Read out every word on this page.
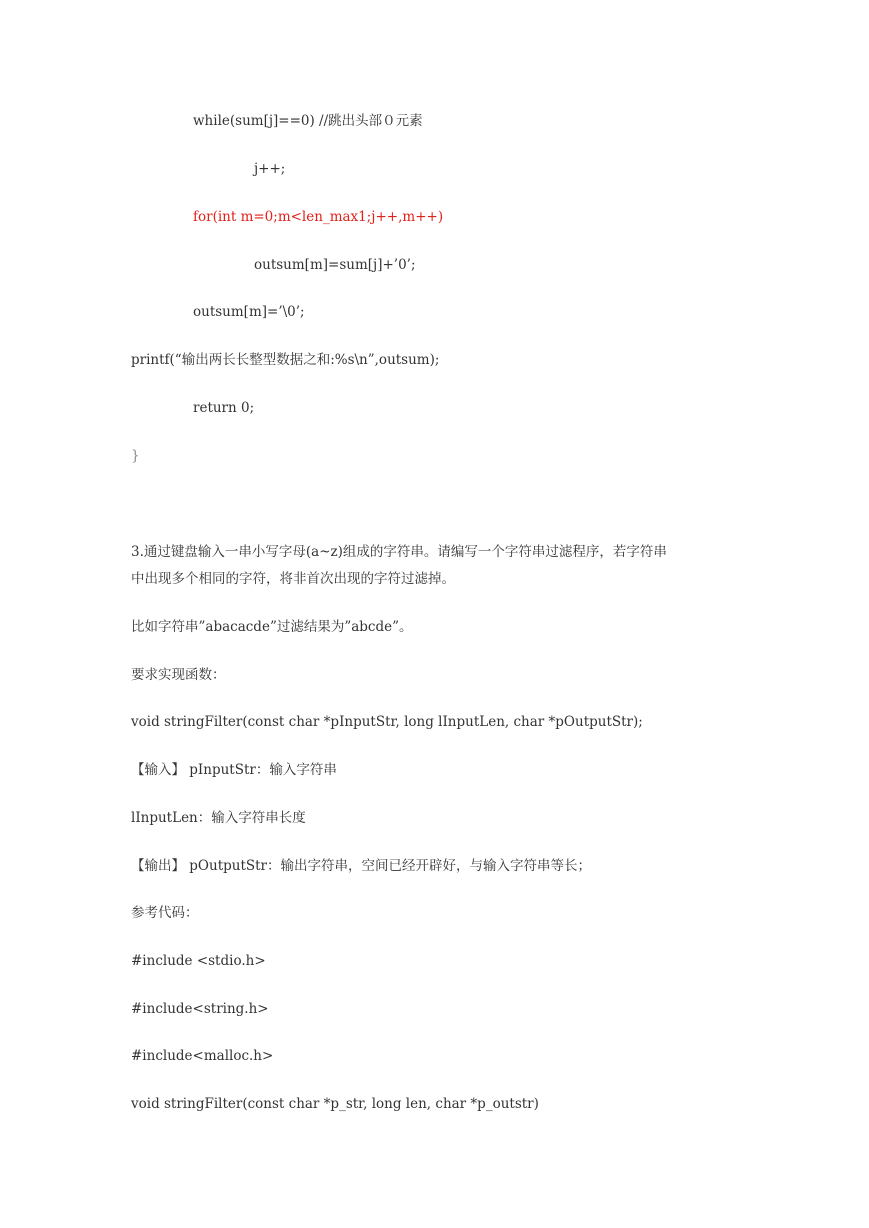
while(sum[j]==0) //跳出头部０元素

j++;

for(int m=0;m<len_max1;j++,m++)

outsum[m]=sum[j]+’0’;

outsum[m]=’\0’;

printf(“输出两长长整型数据之和:%s\n”,outsum);

return 0;

}

3.通过键盘输入一串小写字母(a~z)组成的字符串。请编写一个字符串过滤程序，若字符串

中出现多个相同的字符，将非首次出现的字符过滤掉。

比如字符串”abacacde”过滤结果为”abcde”。

要求实现函数：

void stringFilter(const char *pInputStr, long lInputLen, char *pOutputStr);

【输入】 pInputStr：输入字符串

lInputLen：输入字符串长度

【输出】 pOutputStr：输出字符串，空间已经开辟好，与输入字符串等长；

参考代码：

#include <stdio.h>

#include<string.h>

#include<malloc.h>

void stringFilter(const char *p_str, long len, char *p_outstr)
